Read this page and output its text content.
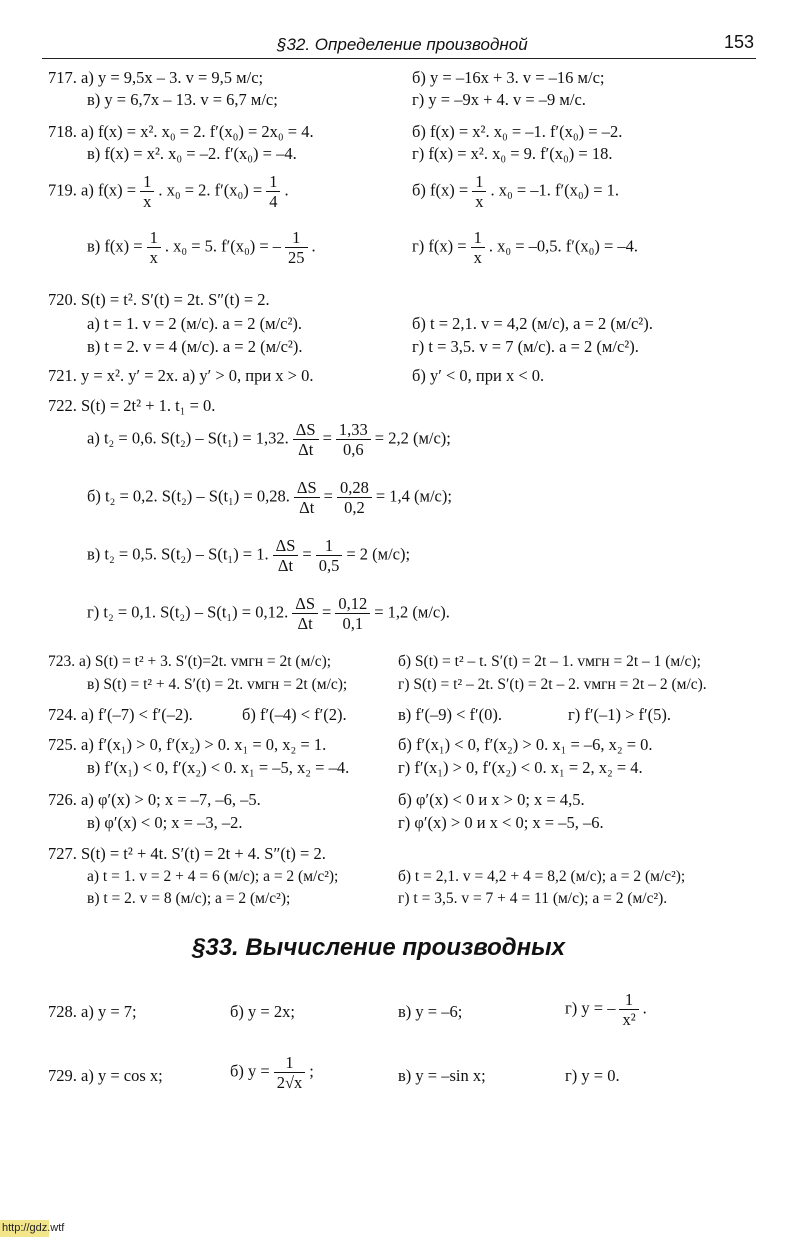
§32. Определение производной	153
717. а) y = 9,5x – 3. v = 9,5 м/с;	б) y = –16x + 3. v = –16 м/с;
в) y = 6,7x – 13. v = 6,7 м/с;	г) y = –9x + 4. v = –9 м/с.
718. а) f(x) = x². x₀ = 2. f′(x₀) = 2x₀ = 4.	б) f(x) = x². x₀ = –1. f′(x₀) = –2.
в) f(x) = x². x₀ = –2. f′(x₀) = –4.	г) f(x) = x². x₀ = 9. f′(x₀) = 18.
719. а) $f(x) = \frac{1}{x}$ . x₀ = 2. $f'(x_0) = \frac{1}{4}$ .	б) $f(x) = \frac{1}{x}$ . x₀ = –1. f′(x₀) = 1.
в) $f(x) = \frac{1}{x}$ . x₀ = 5. f′(x₀) = – $\frac{1}{25}$ .	г) $f(x) = \frac{1}{x}$ . x₀ = –0,5. f′(x₀) = –4.
720. S(t) = t². S′(t) = 2t. S″(t) = 2.
а) t = 1. v = 2 (м/с). a = 2 (м/с²).	б) t = 2,1. v = 4,2 (м/с), a = 2 (м/с²).
в) t = 2. v = 4 (м/с). a = 2 (м/с²).	г) t = 3,5. v = 7 (м/с). a = 2 (м/с²).
721. y = x². y′ = 2x. а) y′ > 0, при x > 0.	б) y′ < 0, при x < 0.
722. S(t) = 2t² + 1. t₁ = 0.
а) t₂ = 0,6. S(t₂) – S(t₁) = 1,32. $\frac{\Delta S}{\Delta t} = \frac{1,33}{0,6} = 2,2$ (м/с);
б) t₂ = 0,2. S(t₂) – S(t₁) = 0,28. $\frac{\Delta S}{\Delta t} = \frac{0,28}{0,2} = 1,4$ (м/с);
в) t₂ = 0,5. S(t₂) – S(t₁) = 1. $\frac{\Delta S}{\Delta t} = \frac{1}{0,5} = 2$ (м/с);
г) t₂ = 0,1. S(t₂) – S(t₁) = 0,12. $\frac{\Delta S}{\Delta t} = \frac{0,12}{0,1} = 1,2$ (м/с).
723. а) S(t) = t² + 3. S′(t)=2t. vмгн = 2t (м/с);	б) S(t) = t² – t. S′(t) = 2t – 1. vмгн = 2t – 1 (м/с);
в) S(t) = t² + 4. S′(t) = 2t. vмгн = 2t (м/с);	г) S(t) = t² – 2t. S′(t) = 2t – 2. vмгн = 2t – 2 (м/с).
724. а) f′(–7) < f′(–2).	б) f′(–4) < f′(2).	в) f′(–9) < f′(0).	г) f′(–1) > f′(5).
725. а) f′(x₁) > 0, f′(x₂) > 0. x₁ = 0, x₂ = 1.	б) f′(x₁) < 0, f′(x₂) > 0. x₁ = –6, x₂ = 0.
в) f′(x₁) < 0, f′(x₂) < 0. x₁ = –5, x₂ = –4.	г) f′(x₁) > 0, f′(x₂) < 0. x₁ = 2, x₂ = 4.
726. а) φ′(x) > 0; x = –7, –6, –5.	б) φ′(x) < 0 и x > 0; x = 4,5.
в) φ′(x) < 0; x = –3, –2.	г) φ′(x) > 0 и x < 0; x = –5, –6.
727. S(t) = t² + 4t. S′(t) = 2t + 4. S″(t) = 2.
а) t = 1. v = 2 + 4 = 6 (м/с); a = 2 (м/с²);	б) t = 2,1. v = 4,2 + 4 = 8,2 (м/с); a = 2 (м/с²);
в) t = 2. v = 8 (м/с); a = 2 (м/с²);	г) t = 3,5. v = 7 + 4 = 11 (м/с); a = 2 (м/с²).
§33. Вычисление производных
728. а) y = 7;	б) y = 2x;	в) y = –6;	г) y = – $\frac{1}{\text{x²}}$ .
729. а) y = cos x;	б) $y = \frac{1}{2√x}$ ;	в) y = –sin x;	г) y = 0.
http://gdz.wtf
